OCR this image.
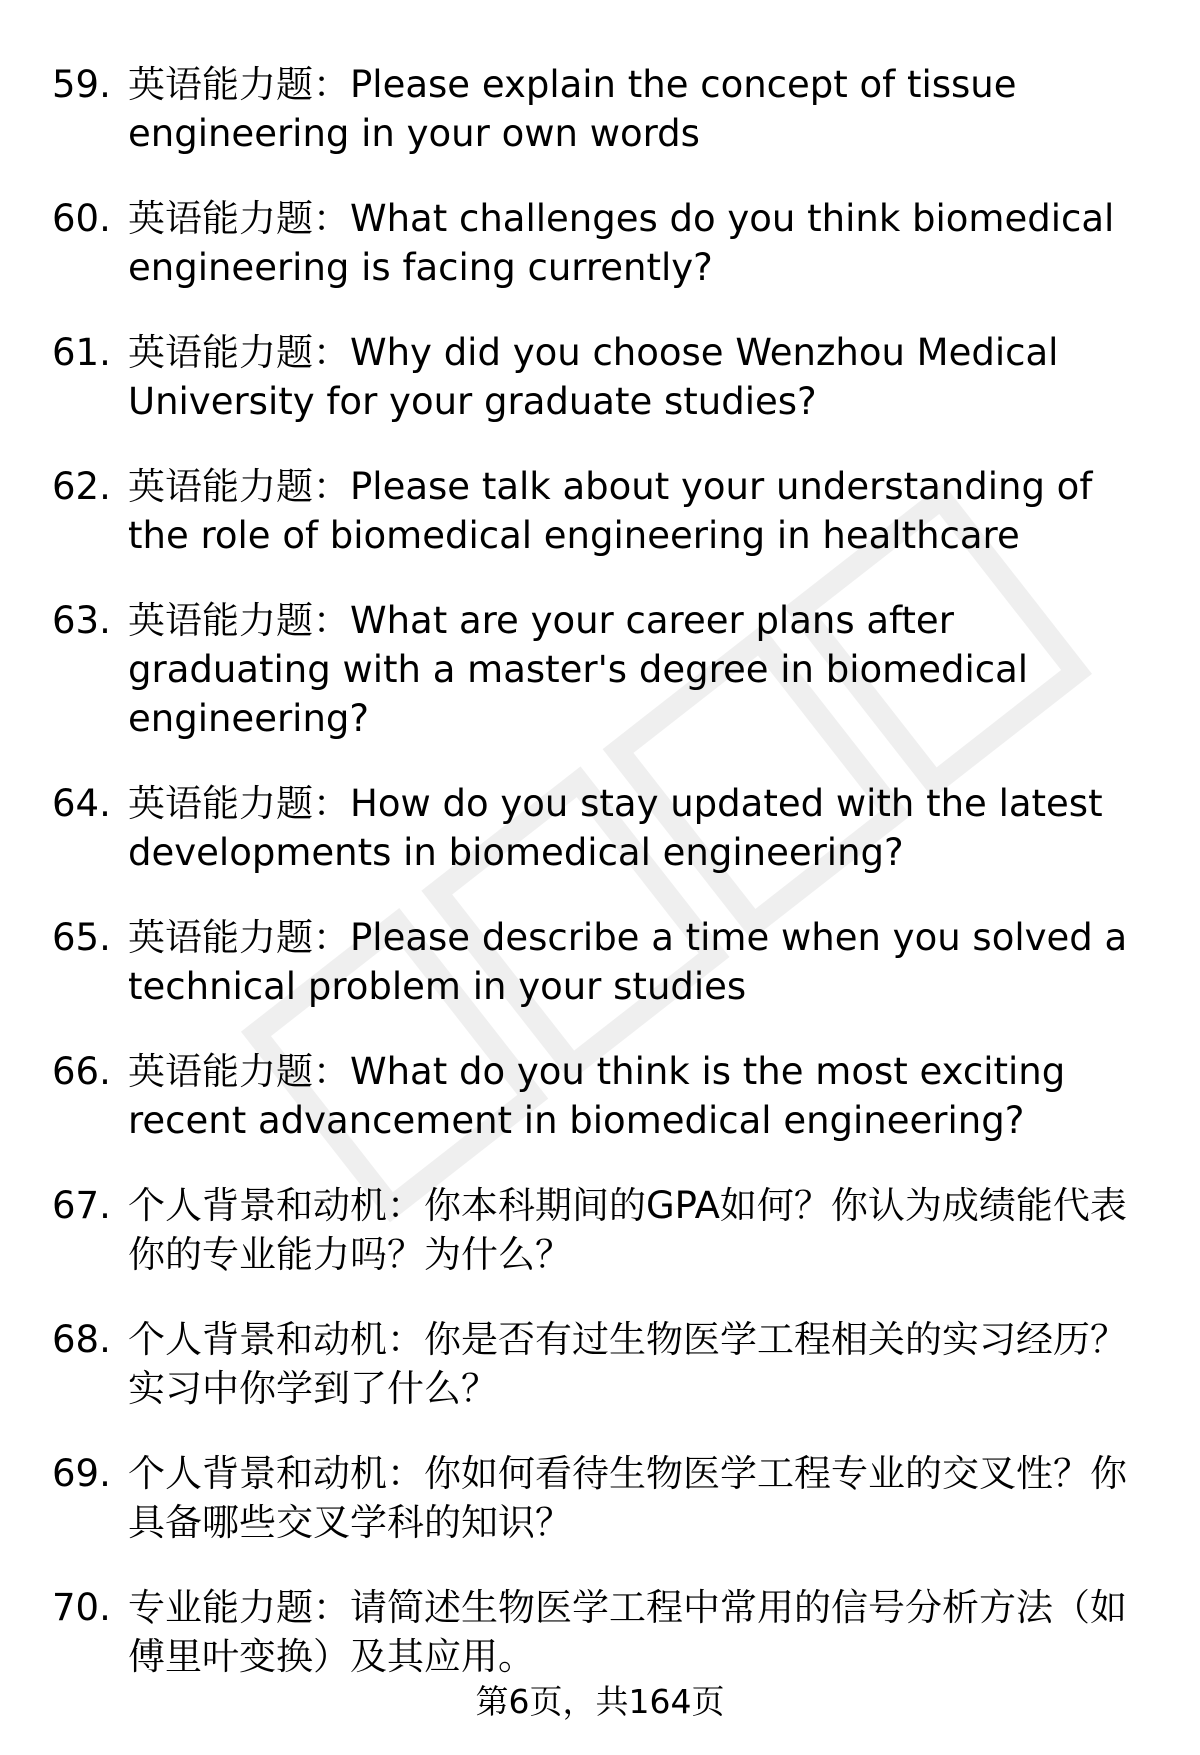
59. 英语能力题：Please explain the concept of tissue engineering in your own words
60. 英语能力题：What challenges do you think biomedical engineering is facing currently?
61. 英语能力题：Why did you choose Wenzhou Medical University for your graduate studies?
62. 英语能力题：Please talk about your understanding of the role of biomedical engineering in healthcare
63. 英语能力题：What are your career plans after graduating with a master's degree in biomedical engineering?
64. 英语能力题：How do you stay updated with the latest developments in biomedical engineering?
65. 英语能力题：Please describe a time when you solved a technical problem in your studies
66. 英语能力题：What do you think is the most exciting recent advancement in biomedical engineering?
67. 个人背景和动机：你本科期间的GPA如何？你认为成绩能代表你的专业能力吗？为什么？
68. 个人背景和动机：你是否有过生物医学工程相关的实习经历？实习中你学到了什么？
69. 个人背景和动机：你如何看待生物医学工程专业的交叉性？你具备哪些交叉学科的知识？
70. 专业能力题：请简述生物医学工程中常用的信号分析方法（如傅里叶变换）及其应用。
第6页，共164页
